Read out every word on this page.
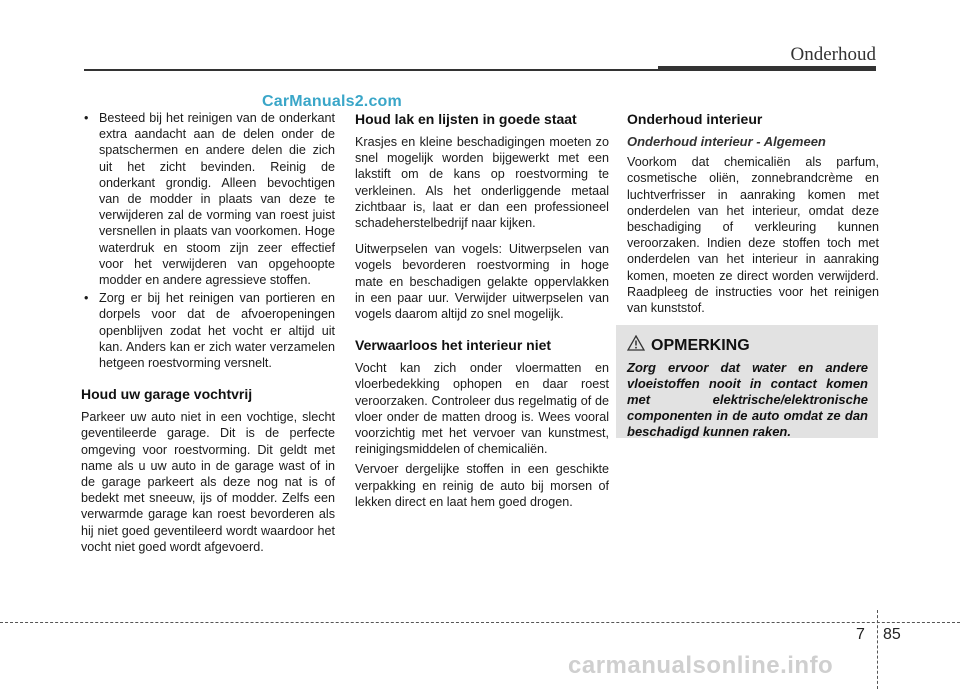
Onderhoud
CarManuals2.com
• Besteed bij het reinigen van de onderkant extra aandacht aan de delen onder de spatschermen en andere delen die zich uit het zicht bevinden. Reinig de onderkant grondig. Alleen bevochtigen van de modder in plaats van deze te verwijderen zal de vorming van roest juist versnellen in plaats van voorkomen. Hoge waterdruk en stoom zijn zeer effectief voor het verwijderen van opgehoopte modder en andere agressieve stoffen.
• Zorg er bij het reinigen van portieren en dorpels voor dat de afvoeropeningen openblijven zodat het vocht er altijd uit kan. Anders kan er zich water verzamelen hetgeen roestvorming versnelt.
Houd uw garage vochtvrij

Parkeer uw auto niet in een vochtige, slecht geventileerde garage. Dit is de perfecte omgeving voor roestvorming. Dit geldt met name als u uw auto in de garage wast of in de garage parkeert als deze nog nat is of bedekt met sneeuw, ijs of modder. Zelfs een verwarmde garage kan roest bevorderen als hij niet goed geventileerd wordt waardoor het vocht niet goed wordt afgevoerd.

Houd lak en lijsten in goede staat

Krasjes en kleine beschadigingen moeten zo snel mogelijk worden bijgewerkt met een lakstift om de kans op roestvorming te verkleinen. Als het onderliggende metaal zichtbaar is, laat er dan een professioneel schadeherstelbedrijf naar kijken.

Uitwerpselen van vogels: Uitwerpselen van vogels bevorderen roestvorming in hoge mate en beschadigen gelakte oppervlakken in een paar uur. Verwijder uitwerpselen van vogels daarom altijd zo snel mogelijk.

Verwaarloos het interieur niet

Vocht kan zich onder vloermatten en vloerbedekking ophopen en daar roest veroorzaken. Controleer dus regelmatig of de vloer onder de matten droog is. Wees vooral voorzichtig met het vervoer van kunstmest, reinigingsmiddelen of chemicaliën.

Vervoer dergelijke stoffen in een geschikte verpakking en reinig de auto bij morsen of lekken direct en laat hem goed drogen.

Onderhoud interieur
Onderhoud interieur - Algemeen

Voorkom dat chemicaliën als parfum, cosmetische oliën, zonnebrandcrème en luchtverfrisser in aanraking komen met onderdelen van het interieur, omdat deze beschadiging of verkleuring kunnen veroorzaken. Indien deze stoffen toch met onderdelen van het interieur in aanraking komen, moeten ze direct worden verwijderd. Raadpleeg de instructies voor het reinigen van kunststof.

OPMERKING
Zorg ervoor dat water en andere vloeistoffen nooit in contact komen met elektrische/elektronische componenten in de auto omdat ze dan beschadigd kunnen raken.
7 85
carmanualsonline.info
